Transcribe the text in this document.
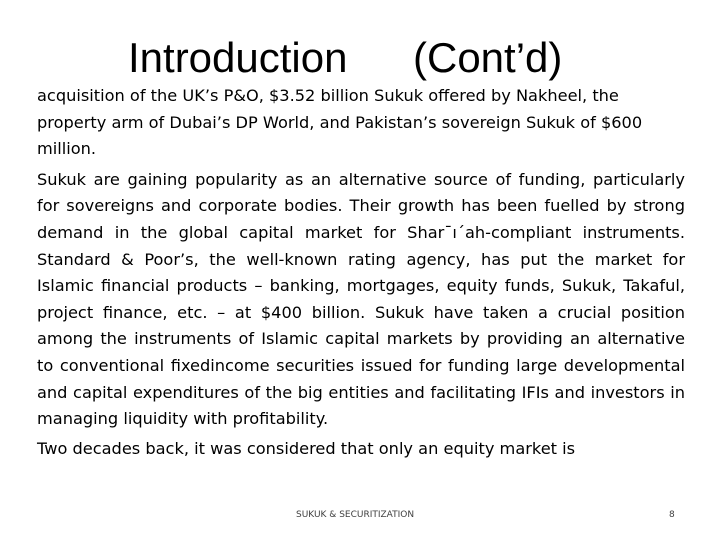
Introduction (Cont’d)

acquisition of the UK’s P&O, $3.52 billion Sukuk offered by Nakheel, the property arm of Dubai’s DP World, and Pakistan’s sovereign Sukuk of $600 million.

Sukuk are gaining popularity as an alternative source of funding, particularly for sovereigns and corporate bodies. Their growth has been fuelled by strong demand in the global capital market for Shar¯ı´ah-compliant instruments. Standard & Poor’s, the well-known rating agency, has put the market for Islamic financial products – banking, mortgages, equity funds, Sukuk, Takaful, project finance, etc. – at $400 billion. Sukuk have taken a crucial position among the instruments of Islamic capital markets by providing an alternative to conventional fixedincome securities issued for funding large developmental and capital expenditures of the big entities and facilitating IFIs and investors in managing liquidity with profitability.

Two decades back, it was considered that only an equity market is

SUKUK & SECURITIZATION	8
